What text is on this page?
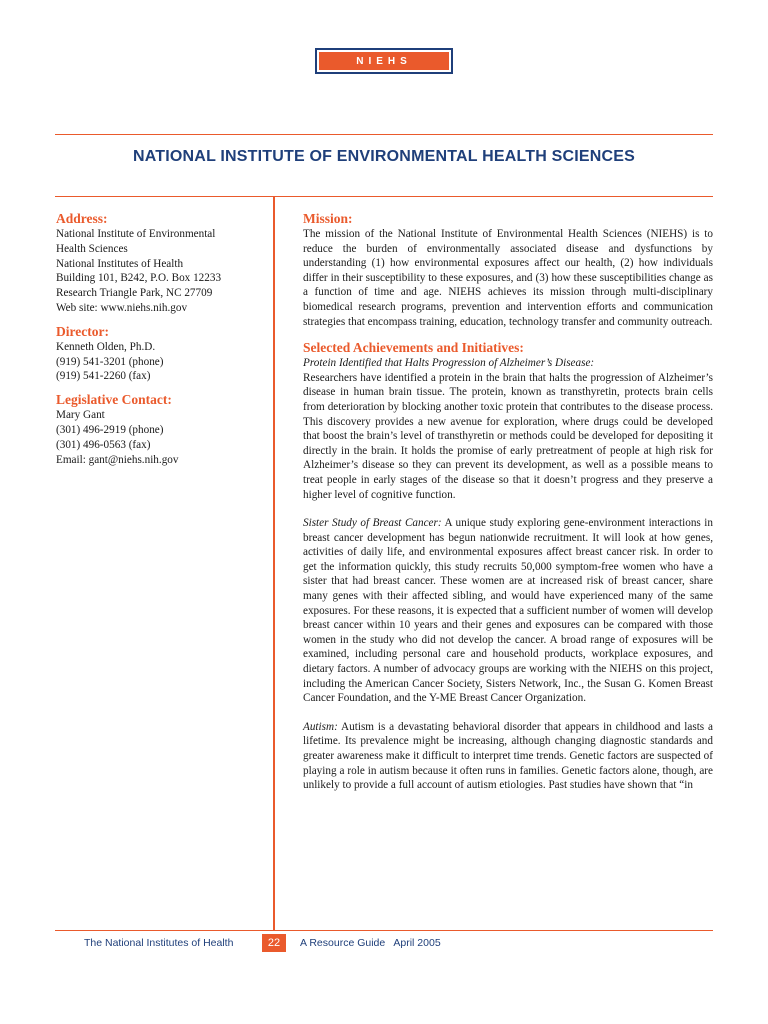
NIEHS
NATIONAL INSTITUTE OF ENVIRONMENTAL HEALTH SCIENCES
Address:
National Institute of Environmental
Health Sciences
National Institutes of Health
Building 101, B242, P.O. Box 12233
Research Triangle Park, NC 27709
Web site: www.niehs.nih.gov
Director:
Kenneth Olden, Ph.D.
(919) 541-3201 (phone)
(919) 541-2260 (fax)
Legislative Contact:
Mary Gant
(301) 496-2919 (phone)
(301) 496-0563 (fax)
Email: gant@niehs.nih.gov
Mission:

The mission of the National Institute of Environmental Health Sciences (NIEHS) is to reduce the burden of environmentally associated disease and dysfunctions by understanding (1) how environmental exposures affect our health, (2) how individuals differ in their susceptibility to these exposures, and (3) how these susceptibilities change as a function of time and age. NIEHS achieves its mission through multi-disciplinary biomedical research programs, prevention and intervention efforts and communication strategies that encompass training, education, technology transfer and community outreach.

Selected Achievements and Initiatives:
Protein Identified that Halts Progression of Alzheimer’s Disease:

Researchers have identified a protein in the brain that halts the progression of Alzheimer’s disease in human brain tissue. The protein, known as transthyretin, protects brain cells from deterioration by blocking another toxic protein that contributes to the disease process. This discovery provides a new avenue for exploration, where drugs could be developed that boost the brain’s level of transthyretin or methods could be developed for depositing it directly in the brain. It holds the promise of early pretreatment of people at high risk for Alzheimer’s disease so they can prevent its development, as well as a possible means to treat people in early stages of the disease so that it doesn’t progress and they preserve a higher level of cognitive function.

Sister Study of Breast Cancer: A unique study exploring gene-environment interactions in breast cancer development has begun nationwide recruitment. It will look at how genes, activities of daily life, and environmental exposures affect breast cancer risk. In order to get the information quickly, this study recruits 50,000 symptom-free women who have a sister that had breast cancer. These women are at increased risk of breast cancer, share many genes with their affected sibling, and would have experienced many of the same exposures. For these reasons, it is expected that a sufficient number of women will develop breast cancer within 10 years and their genes and exposures can be compared with those women in the study who did not develop the cancer. A broad range of exposures will be examined, including personal care and household products, workplace exposures, and dietary factors. A number of advocacy groups are working with the NIEHS on this project, including the American Cancer Society, Sisters Network, Inc., the Susan G. Komen Breast Cancer Foundation, and the Y-ME Breast Cancer Organization.

Autism: Autism is a devastating behavioral disorder that appears in childhood and lasts a lifetime. Its prevalence might be increasing, although changing diagnostic standards and greater awareness make it difficult to interpret time trends. Genetic factors are suspected of playing a role in autism because it often runs in families. Genetic factors alone, though, are unlikely to provide a full account of autism etiologies. Past studies have shown that “in

The National Institutes of Health	22	A Resource Guide   April 2005
